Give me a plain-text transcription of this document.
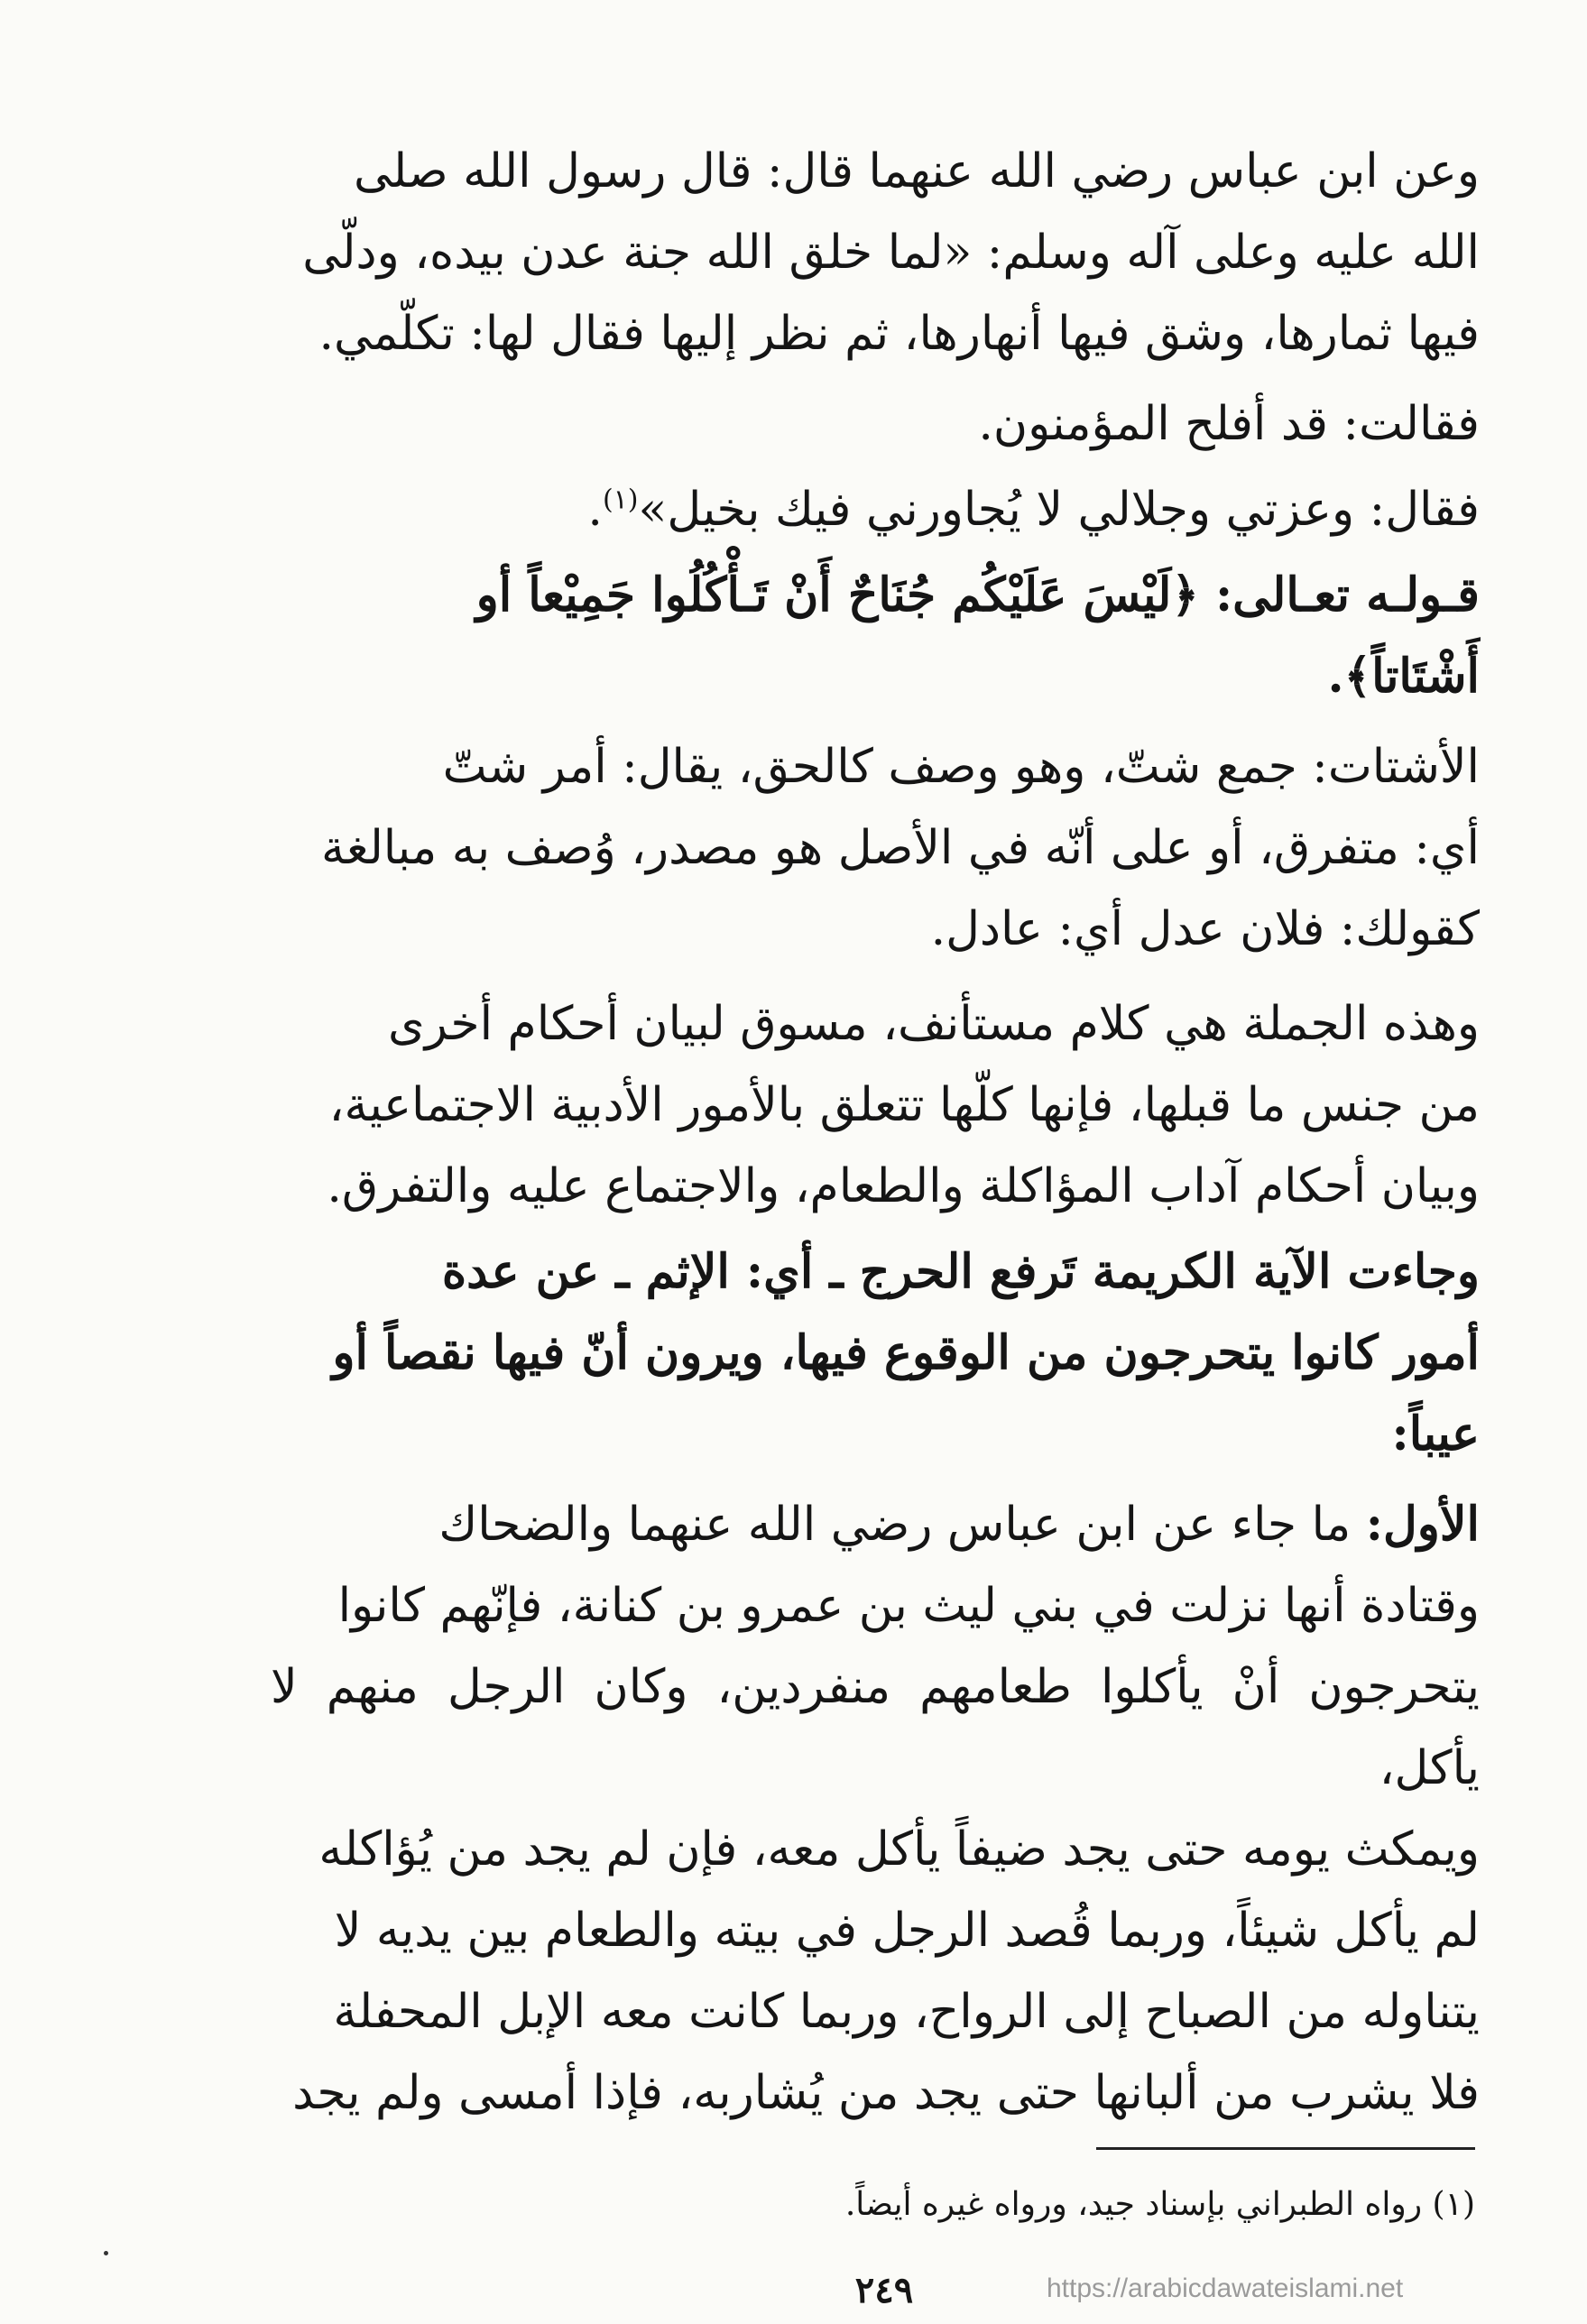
وعن ابن عباس رضي الله عنهما قال: قال رسول الله صلى

الله عليه وعلى آله وسلم: «لما خلق الله جنة عدن بيده، ودلّى

فيها ثمارها، وشق فيها أنهارها، ثم نظر إليها فقال لها: تكلّمي.

فقالت: قد أفلح المؤمنون.

فقال: وعزتي وجلالي لا يُجاورني فيك بخيل»$^{(١)}$.

قـولـه تعـالى: ﴿لَيْسَ عَلَيْكُم جُنَاحٌ أَنْ تَـأْكُلُوا جَمِيْعاً أو

أَشْتَاتاً﴾.

الأشتات: جمع شتّ، وهو وصف كالحق، يقال: أمر شتّ

أي: متفرق، أو على أنّه في الأصل هو مصدر، وُصف به مبالغة

كقولك: فلان عدل أي: عادل.

وهذه الجملة هي كلام مستأنف، مسوق لبيان أحكام أخرى

من جنس ما قبلها، فإنها كلّها تتعلق بالأمور الأدبية الاجتماعية،

وبيان أحكام آداب المؤاكلة والطعام، والاجتماع عليه والتفرق.

وجاءت الآية الكريمة تَرفع الحرج ـ أي: الإثم ـ عن عدة

أمور كانوا يتحرجون من الوقوع فيها، ويرون أنّ فيها نقصاً أو

عيباً:

الأول: ما جاء عن ابن عباس رضي الله عنهما والضحاك

وقتادة أنها نزلت في بني ليث بن عمرو بن كنانة، فإنّهم كانوا

يتحرجون أنْ يأكلوا طعامهم منفردين، وكان الرجل منهم لا يأكل،

ويمكث يومه حتى يجد ضيفاً يأكل معه، فإن لم يجد من يُؤاكله

لم يأكل شيئاً، وربما قُصد الرجل في بيته والطعام بين يديه لا

يتناوله من الصباح إلى الرواح، وربما كانت معه الإبل المحفلة

فلا يشرب من ألبانها حتى يجد من يُشاربه، فإذا أمسى ولم يجد

(١) رواه الطبراني بإسناد جيد، ورواه غيره أيضاً.
٢٤٩	https://arabicdawateislami.net
